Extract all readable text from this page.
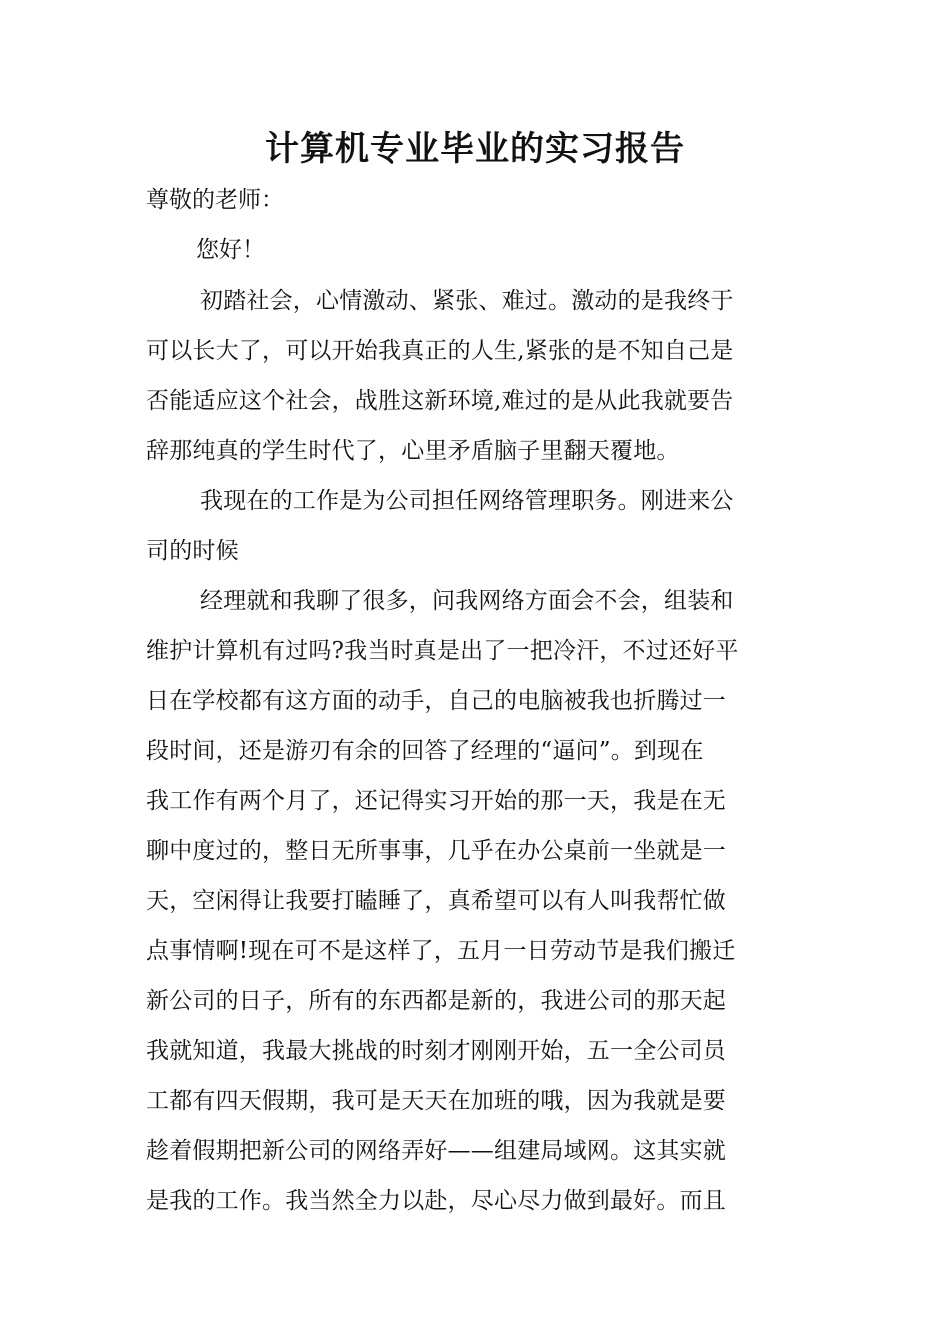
计算机专业毕业的实习报告

尊敬的老师：

您好！

初踏社会，心情激动、紧张、难过。激动的是我终于
可以长大了，可以开始我真正的人生,紧张的是不知自己是
否能适应这个社会，战胜这新环境,难过的是从此我就要告
辞那纯真的学生时代了，心里矛盾脑子里翻天覆地。
我现在的工作是为公司担任网络管理职务。刚进来公
司的时候
经理就和我聊了很多，问我网络方面会不会，组装和
维护计算机有过吗?我当时真是出了一把冷汗，不过还好平
日在学校都有这方面的动手，自己的电脑被我也折腾过一
段时间，还是游刃有余的回答了经理的“逼问”。到现在
我工作有两个月了，还记得实习开始的那一天，我是在无
聊中度过的，整日无所事事，几乎在办公桌前一坐就是一
天，空闲得让我要打瞌睡了，真希望可以有人叫我帮忙做
点事情啊!现在可不是这样了，五月一日劳动节是我们搬迁
新公司的日子，所有的东西都是新的，我进公司的那天起
我就知道，我最大挑战的时刻才刚刚开始，五一全公司员
工都有四天假期，我可是天天在加班的哦，因为我就是要
趁着假期把新公司的网络弄好——组建局域网。这其实就
是我的工作。我当然全力以赴，尽心尽力做到最好。而且
